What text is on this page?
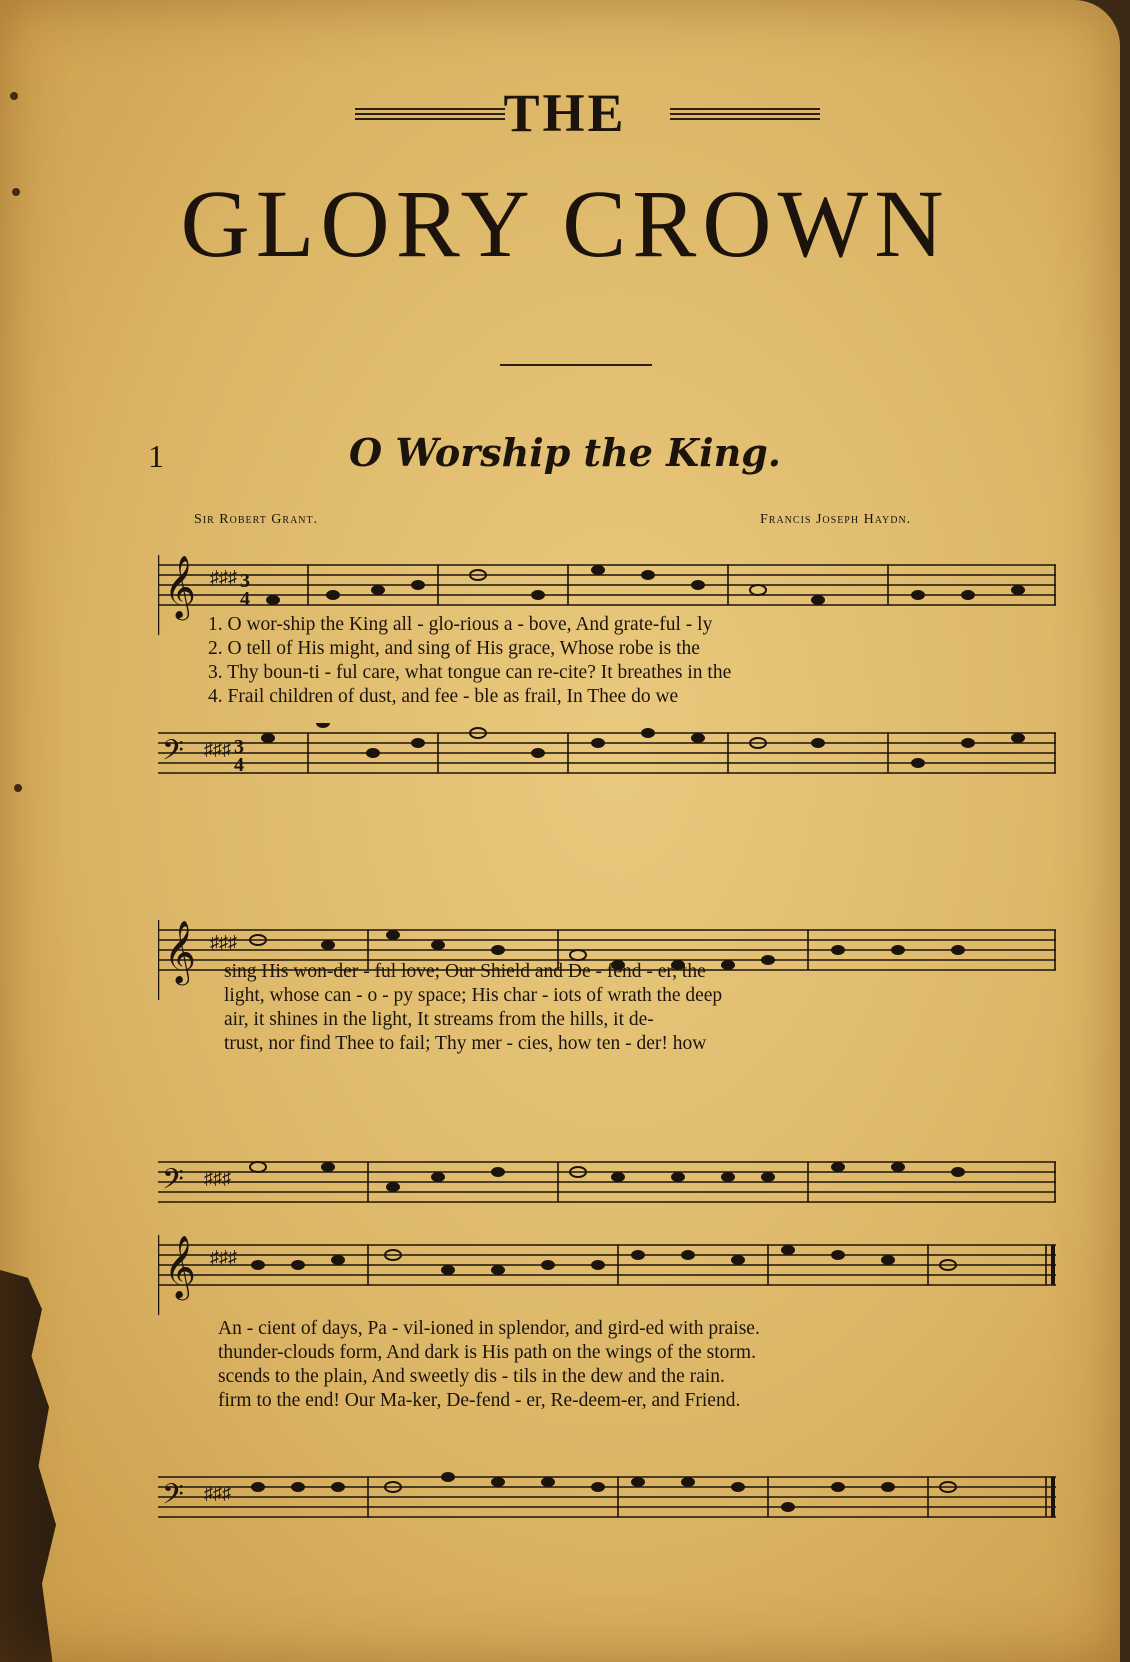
THE
GLORY CROWN
1	O Worship the King.
Sir Robert Grant.	Francis Joseph Haydn.
𝄞 ♯♯♯ 3
4
1. O wor-ship the King all - glo-rious a - bove, And grate-ful - ly
2. O tell of His might, and sing of His grace, Whose robe is the
3. Thy boun-ti - ful care, what tongue can re-cite? It breathes in the
4. Frail children of dust, and fee - ble as frail, In Thee do we
𝄢 ♯♯♯ 3
4
𝄞 ♯♯♯
sing His won-der - ful love; Our Shield and De - fend - er, the
light, whose can - o - py space; His char - iots of wrath the deep
air, it shines in the light, It streams from the hills, it de-
trust, nor find Thee to fail; Thy mer - cies, how ten - der! how
𝄢 ♯♯♯
𝄞 ♯♯♯
An - cient of days, Pa - vil-ioned in splendor, and gird-ed with praise.
thunder-clouds form, And dark is His path on the wings of the storm.
scends to the plain, And sweetly dis - tils in the dew and the rain.
firm to the end! Our Ma-ker, De-fend - er, Re-deem-er, and Friend.
𝄢 ♯♯♯
